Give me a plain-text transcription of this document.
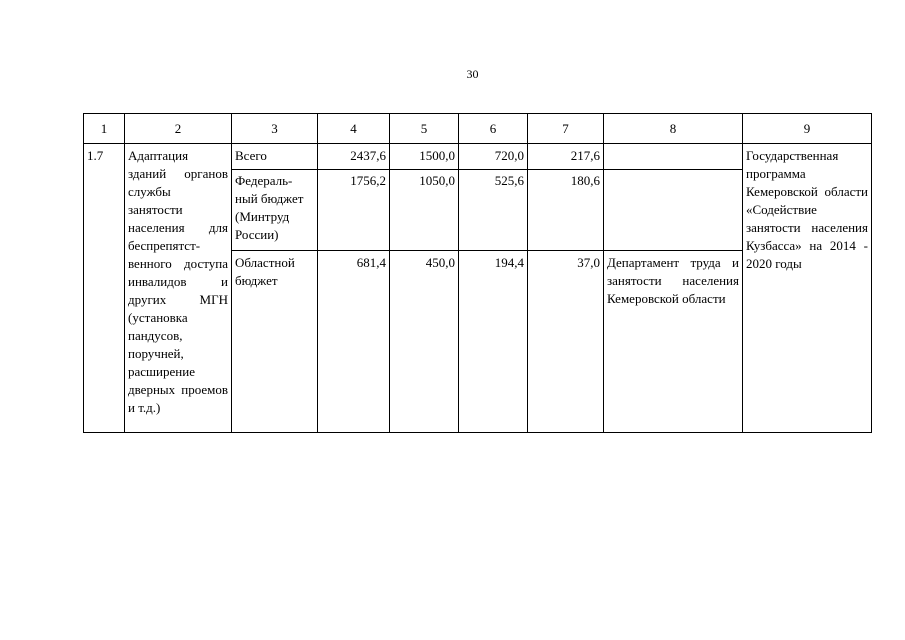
30
1	2	3	4	5	6	7	8	9
1.7	Адаптация зданий органов службы занятости населения для беспрепятст-венного доступа инвалидов и других МГН (установка пандусов, поручней, расширение дверных проемов и т.д.)	Всего	2437,6	1500,0	720,0	217,6		Государственная программа Кемеровской области «Содействие занятости населения Кузбасса» на 2014 - 2020 годы
		Федераль-ный бюджет (Минтруд России)	1756,2	1050,0	525,6	180,6		
		Областной бюджет	681,4	450,0	194,4	37,0	Департамент труда и занятости населения Кемеровской области	
